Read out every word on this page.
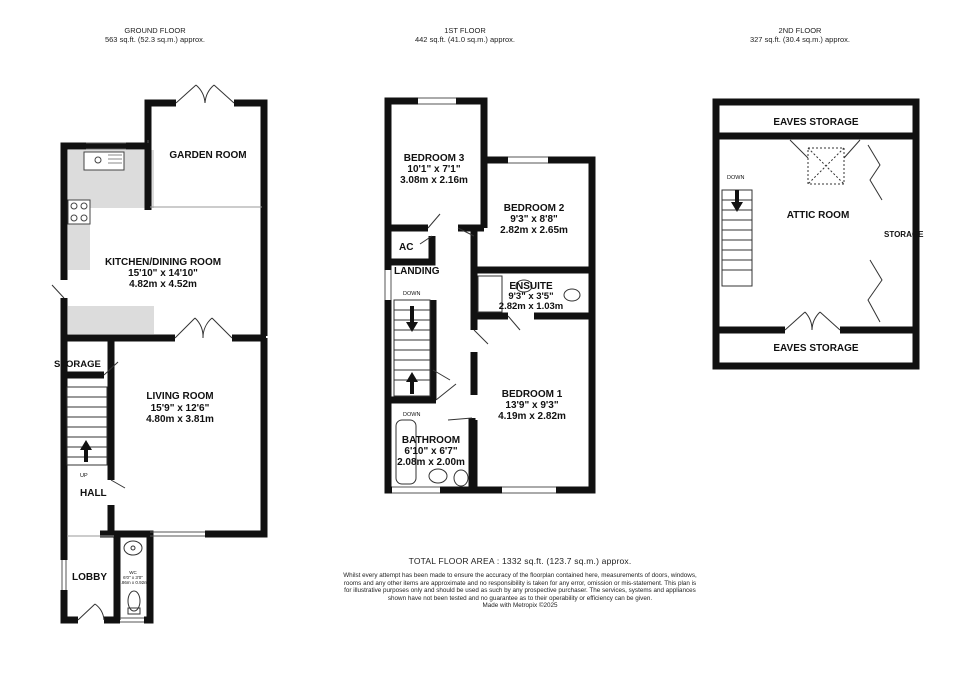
GROUND FLOOR
563 sq.ft. (52.3 sq.m.) approx.
1ST FLOOR
442 sq.ft. (41.0 sq.m.) approx.
2ND FLOOR
327 sq.ft. (30.4 sq.m.) approx.
GARDEN ROOM
KITCHEN/DINING ROOM
15'10" x 14'10"
4.82m x 4.52m
LIVING ROOM
15'9" x 12'6"
4.80m x 3.81m
STORAGE
HALL
LOBBY
UP
WC
6'0" x 3'0"
1.86m x 0.92m
BEDROOM 3
10'1" x 7'1"
3.08m x 2.16m
BEDROOM 2
9'3" x 8'8"
2.82m x 2.65m
AC
LANDING
ENSUITE
9'3" x 3'5"
2.82m x 1.03m
BEDROOM 1
13'9" x 9'3"
4.19m x 2.82m
BATHROOM
6'10" x 6'7"
2.08m x 2.00m
DOWN
DOWN
EAVES STORAGE
ATTIC ROOM
STORAGE
EAVES STORAGE
DOWN
TOTAL FLOOR AREA : 1332 sq.ft. (123.7 sq.m.) approx.
Whilst every attempt has been made to ensure the accuracy of the floorplan contained here, measurements of doors, windows, rooms and any other items are approximate and no responsibility is taken for any error, omission or mis-statement. This plan is for illustrative purposes only and should be used as such by any prospective purchaser. The services, systems and appliances shown have not been tested and no guarantee as to their operability or efficiency can be given.
Made with Metropix ©2025
